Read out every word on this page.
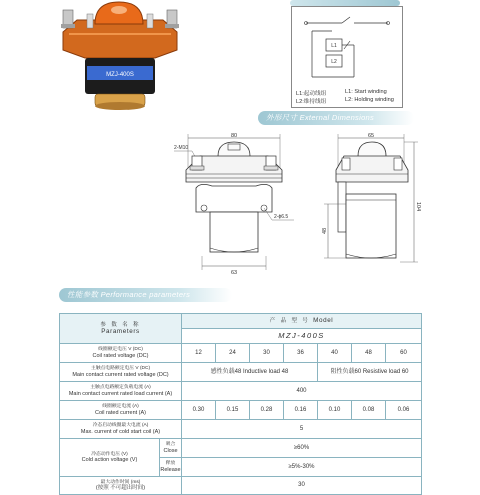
MZJ-400S
L1
L2
L1:起动线组	L1: Start winding
L2:维持线组	L2: Holding winding
外形尺寸 External Dimensions
80
2-M10
2-ϕ6.5
63
65
104
48
性能参数 Performance parameters
参 数 名 称
Parameters		产 品 型 号 Model						
		MZJ-400S						

线圈额定电压 V (DC)
Coil rated voltage (DC)		12	24	30	36	40	48	60

主触点电路额定电压 V (DC)
Main contact current rated voltage (DC)		感性负载48 Inductive load 48				阻性负载60 Resistive load 60		

主触点电路额定负载电流 (A)
Main contact current rated load current (A)		400						

线圈额定电流 (A)
Coil rated current (A)		0.30	0.15	0.28	0.16	0.10	0.08	0.06

冷态启动线圈最大电流 (A)
Max. current of cold start coil (A)		5						

冷态动作电压 (V)
Cold action voltage (V)	吸合
Close	≥60%						

	释放
Release	≥5%-30%						

最大动作时间 (ms)
(按照 不可超出时间)		30						
